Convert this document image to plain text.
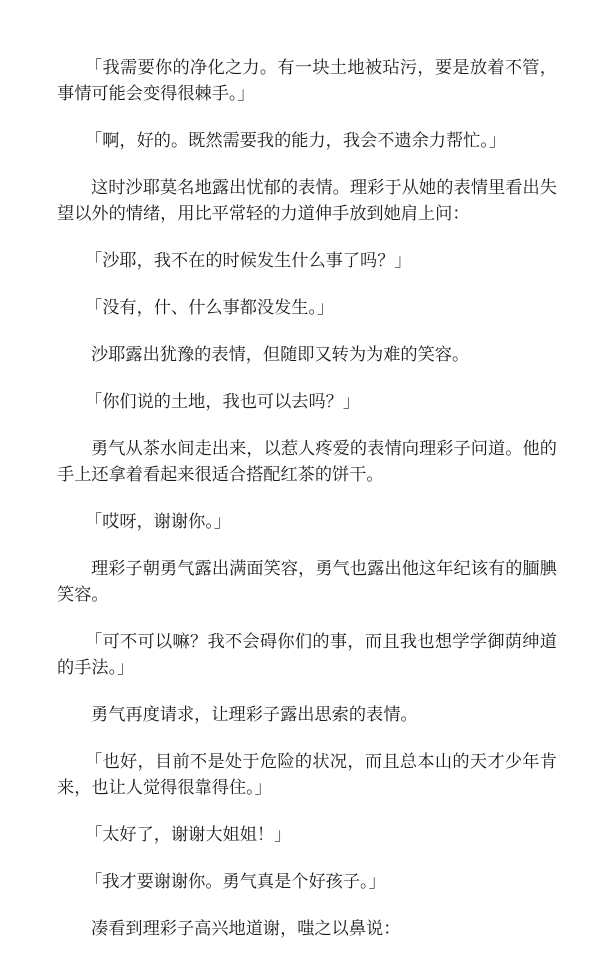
「我需要你的净化之力。有一块土地被玷污，要是放着不管，事情可能会变得很棘手。」

「啊，好的。既然需要我的能力，我会不遗余力帮忙。」

这时沙耶莫名地露出忧郁的表情。理彩于从她的表情里看出失望以外的情绪，用比平常轻的力道伸手放到她肩上问：

「沙耶，我不在的时候发生什么事了吗？」

「没有，什、什么事都没发生。」

沙耶露出犹豫的表情，但随即又转为为难的笑容。

「你们说的土地，我也可以去吗？」

勇气从茶水间走出来，以惹人疼爱的表情向理彩子问道。他的手上还拿着看起来很适合搭配红茶的饼干。

「哎呀，谢谢你。」

理彩子朝勇气露出满面笑容，勇气也露出他这年纪该有的腼腆笑容。

「可不可以嘛？我不会碍你们的事，而且我也想学学御荫绅道的手法。」

勇气再度请求，让理彩子露出思索的表情。

「也好，目前不是处于危险的状况，而且总本山的天才少年肯来，也让人觉得很靠得住。」

「太好了，谢谢大姐姐！」

「我才要谢谢你。勇气真是个好孩子。」

凑看到理彩子高兴地道谢，嗤之以鼻说：
